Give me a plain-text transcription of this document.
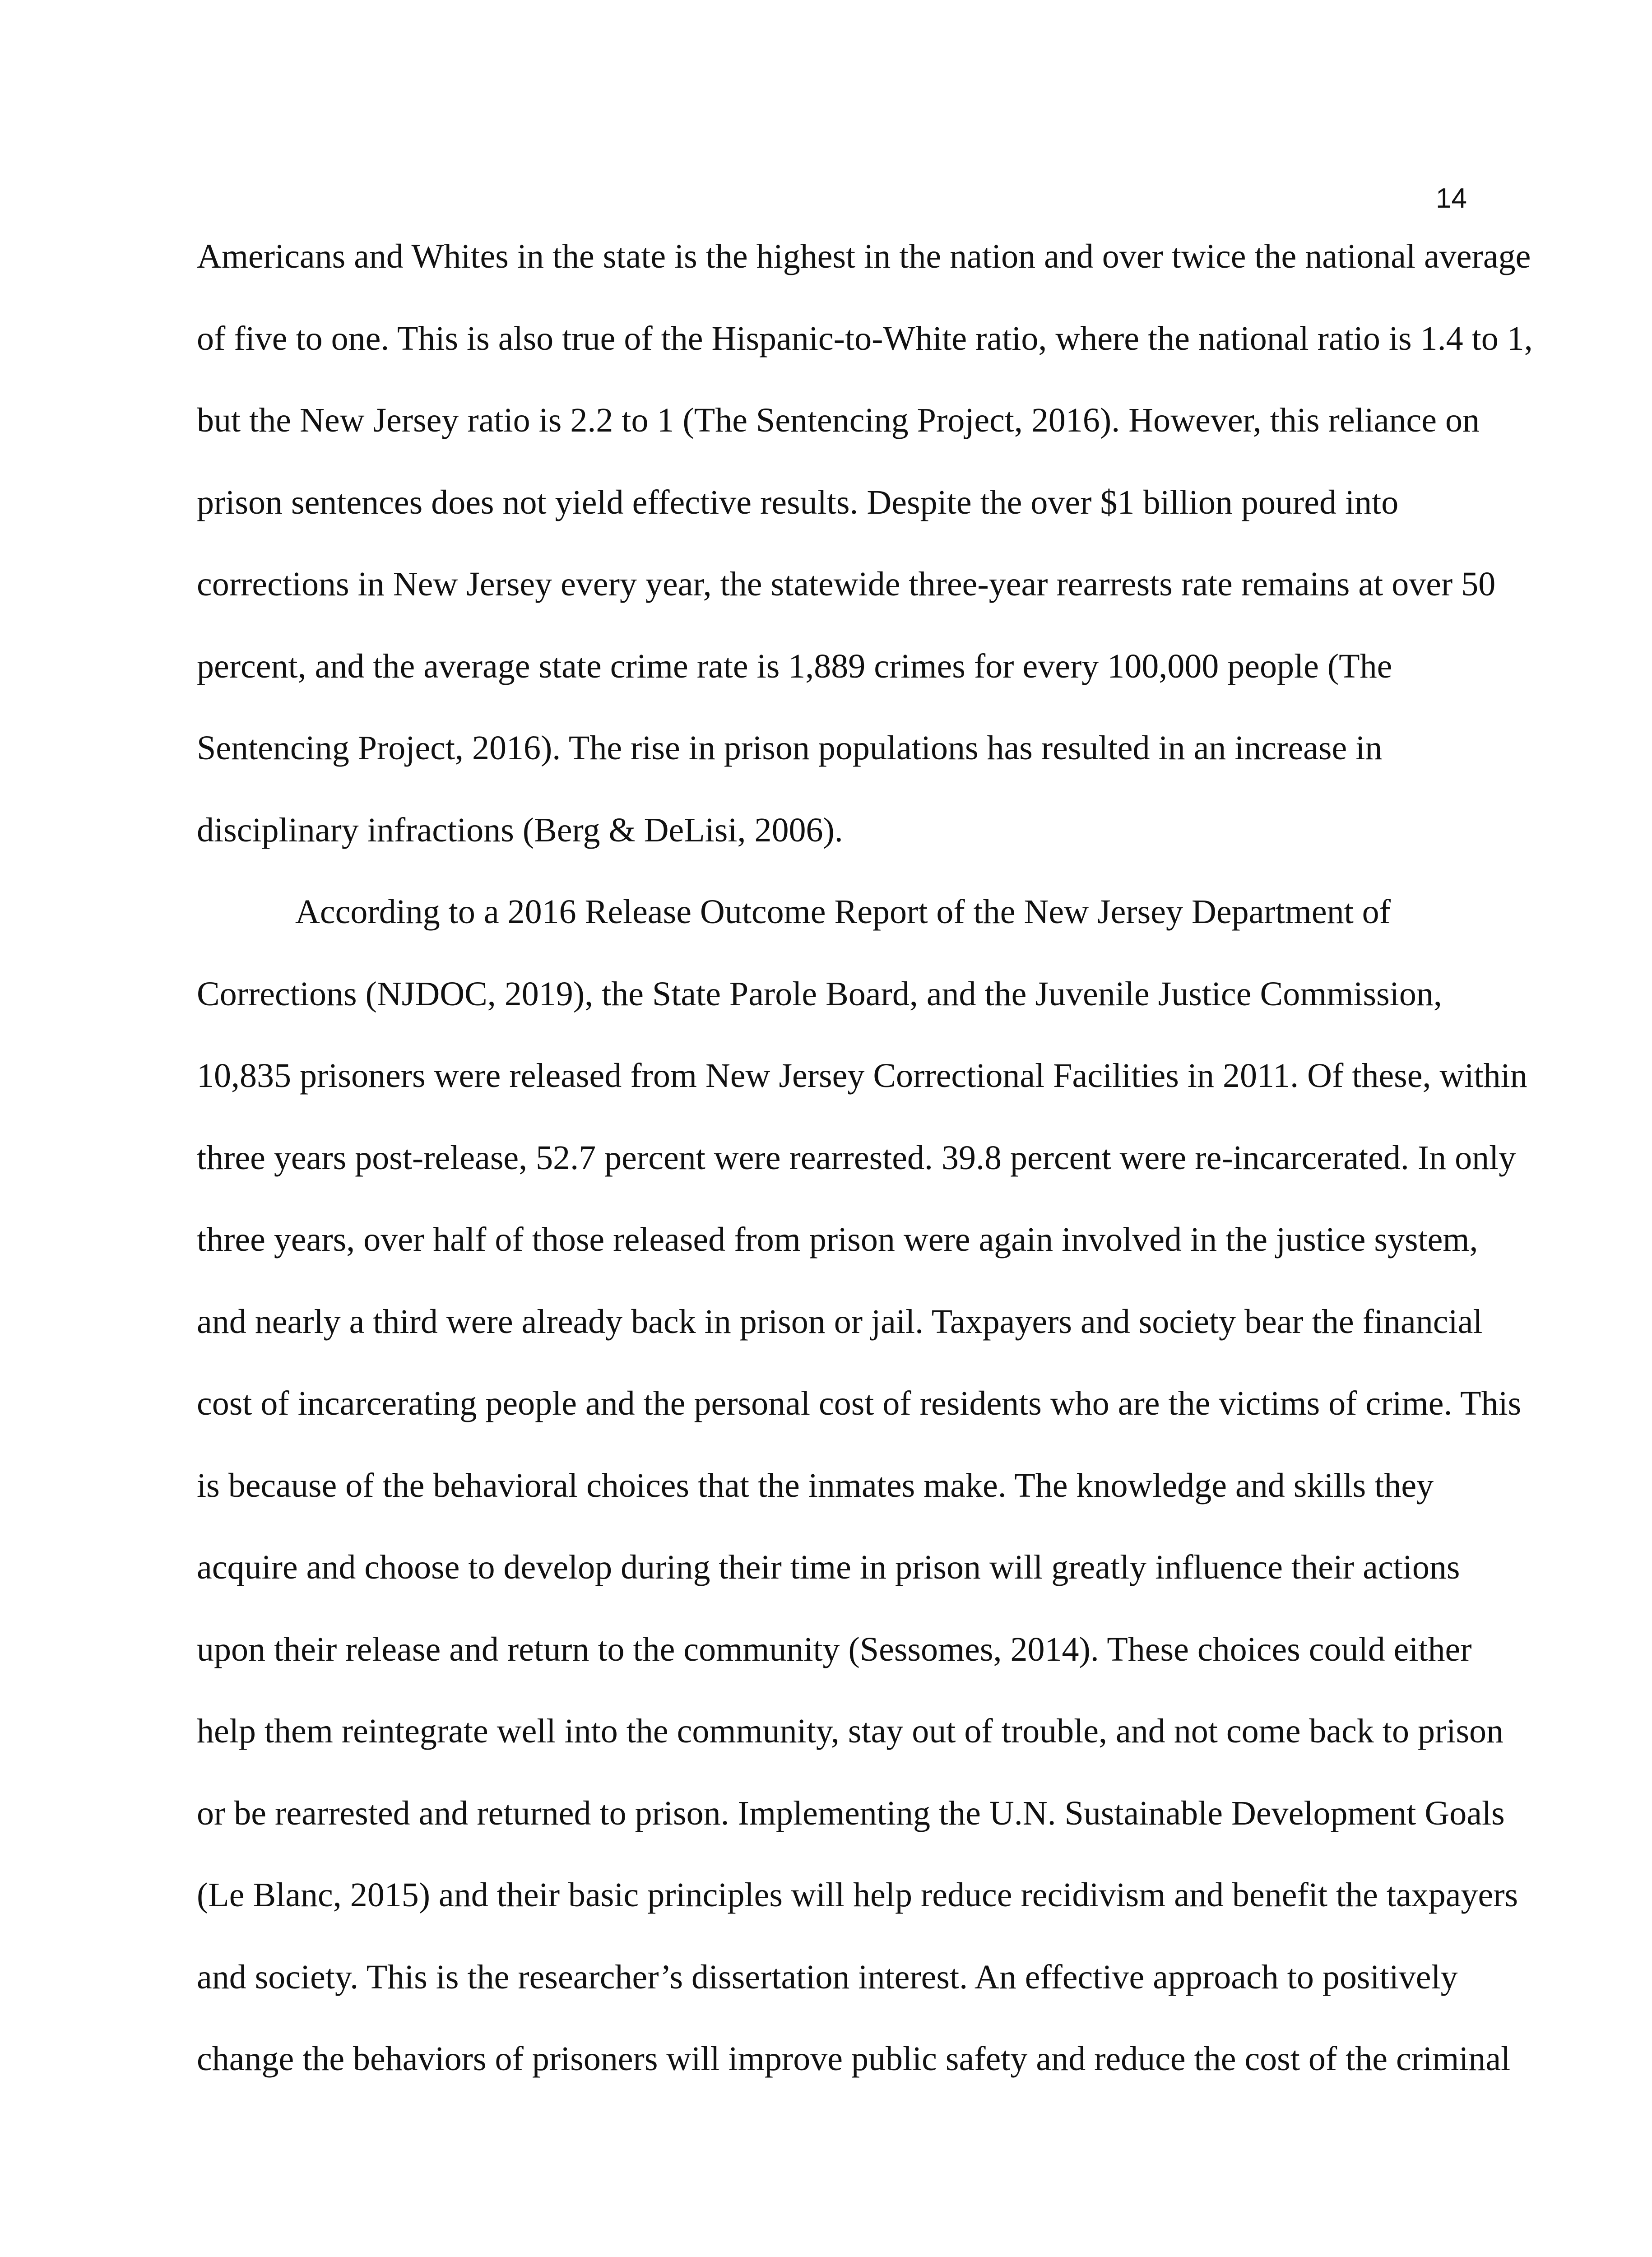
14
Americans and Whites in the state is the highest in the nation and over twice the national average
of five to one. This is also true of the Hispanic-to-White ratio, where the national ratio is 1.4 to 1,
but the New Jersey ratio is 2.2 to 1 (The Sentencing Project, 2016). However, this reliance on
prison sentences does not yield effective results. Despite the over $1 billion poured into
corrections in New Jersey every year, the statewide three-year rearrests rate remains at over 50
percent, and the average state crime rate is 1,889 crimes for every 100,000 people (The
Sentencing Project, 2016). The rise in prison populations has resulted in an increase in
disciplinary infractions (Berg & DeLisi, 2006).
According to a 2016 Release Outcome Report of the New Jersey Department of
Corrections (NJDOC, 2019), the State Parole Board, and the Juvenile Justice Commission,
10,835 prisoners were released from New Jersey Correctional Facilities in 2011. Of these, within
three years post-release, 52.7 percent were rearrested. 39.8 percent were re-incarcerated. In only
three years, over half of those released from prison were again involved in the justice system,
and nearly a third were already back in prison or jail. Taxpayers and society bear the financial
cost of incarcerating people and the personal cost of residents who are the victims of crime. This
is because of the behavioral choices that the inmates make. The knowledge and skills they
acquire and choose to develop during their time in prison will greatly influence their actions
upon their release and return to the community (Sessomes, 2014). These choices could either
help them reintegrate well into the community, stay out of trouble, and not come back to prison
or be rearrested and returned to prison. Implementing the U.N. Sustainable Development Goals
(Le Blanc, 2015) and their basic principles will help reduce recidivism and benefit the taxpayers
and society. This is the researcher’s dissertation interest. An effective approach to positively
change the behaviors of prisoners will improve public safety and reduce the cost of the criminal
